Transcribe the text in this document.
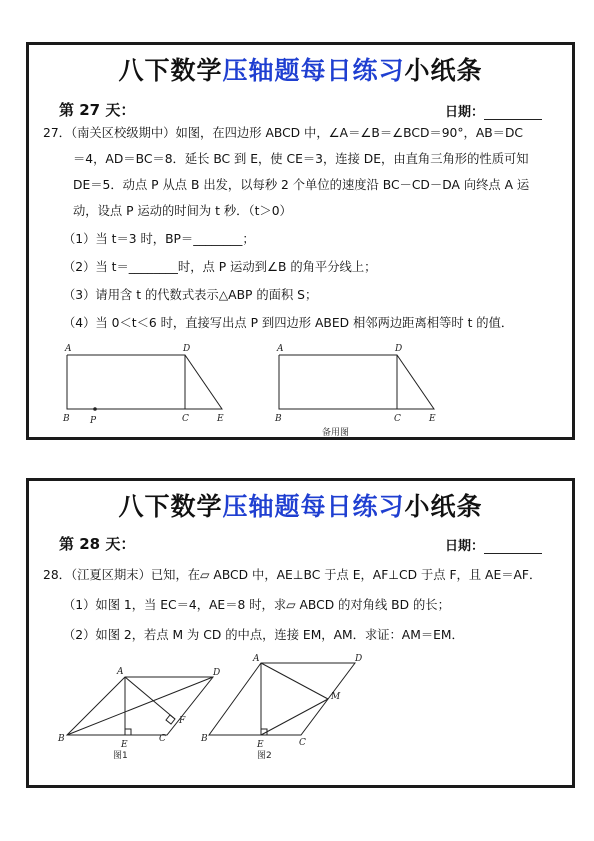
八下数学压轴题每日练习小纸条
第 27 天：	日期：
27．（南关区校级期中）如图，在四边形 ABCD 中，∠A＝∠B＝∠BCD＝90°，AB＝DC
＝4，AD＝BC＝8．延长 BC 到 E，使 CE＝3，连接 DE，由直角三角形的性质可知
DE＝5．动点 P 从点 B 出发，以每秒 2 个单位的速度沿 BC－CD－DA 向终点 A 运
动，设点 P 运动的时间为 t 秒．（t＞0）
（1）当 t＝3 时，BP＝________；
（2）当 t＝________时，点 P 运动到∠B 的角平分线上；
（3）请用含 t 的代数式表示△ABP 的面积 S；
（4）当 0＜t＜6 时，直接写出点 P 到四边形 ABED 相邻两边距离相等时 t 的值．
A	D
B P	C	E
A	D
B	C	E
备用图
八下数学压轴题每日练习小纸条
第 28 天：	日期：
28．（江夏区期末）已知，在▱ ABCD 中，AE⊥BC 于点 E，AF⊥CD 于点 F，且 AE＝AF．
（1）如图 1，当 EC＝4，AE＝8 时，求▱ ABCD 的对角线 BD 的长；
（2）如图 2，若点 M 为 CD 的中点，连接 EM，AM．求证：AM＝EM．
A	D
B
E
C
F
图1
A	D
B
E	C
M
图2
